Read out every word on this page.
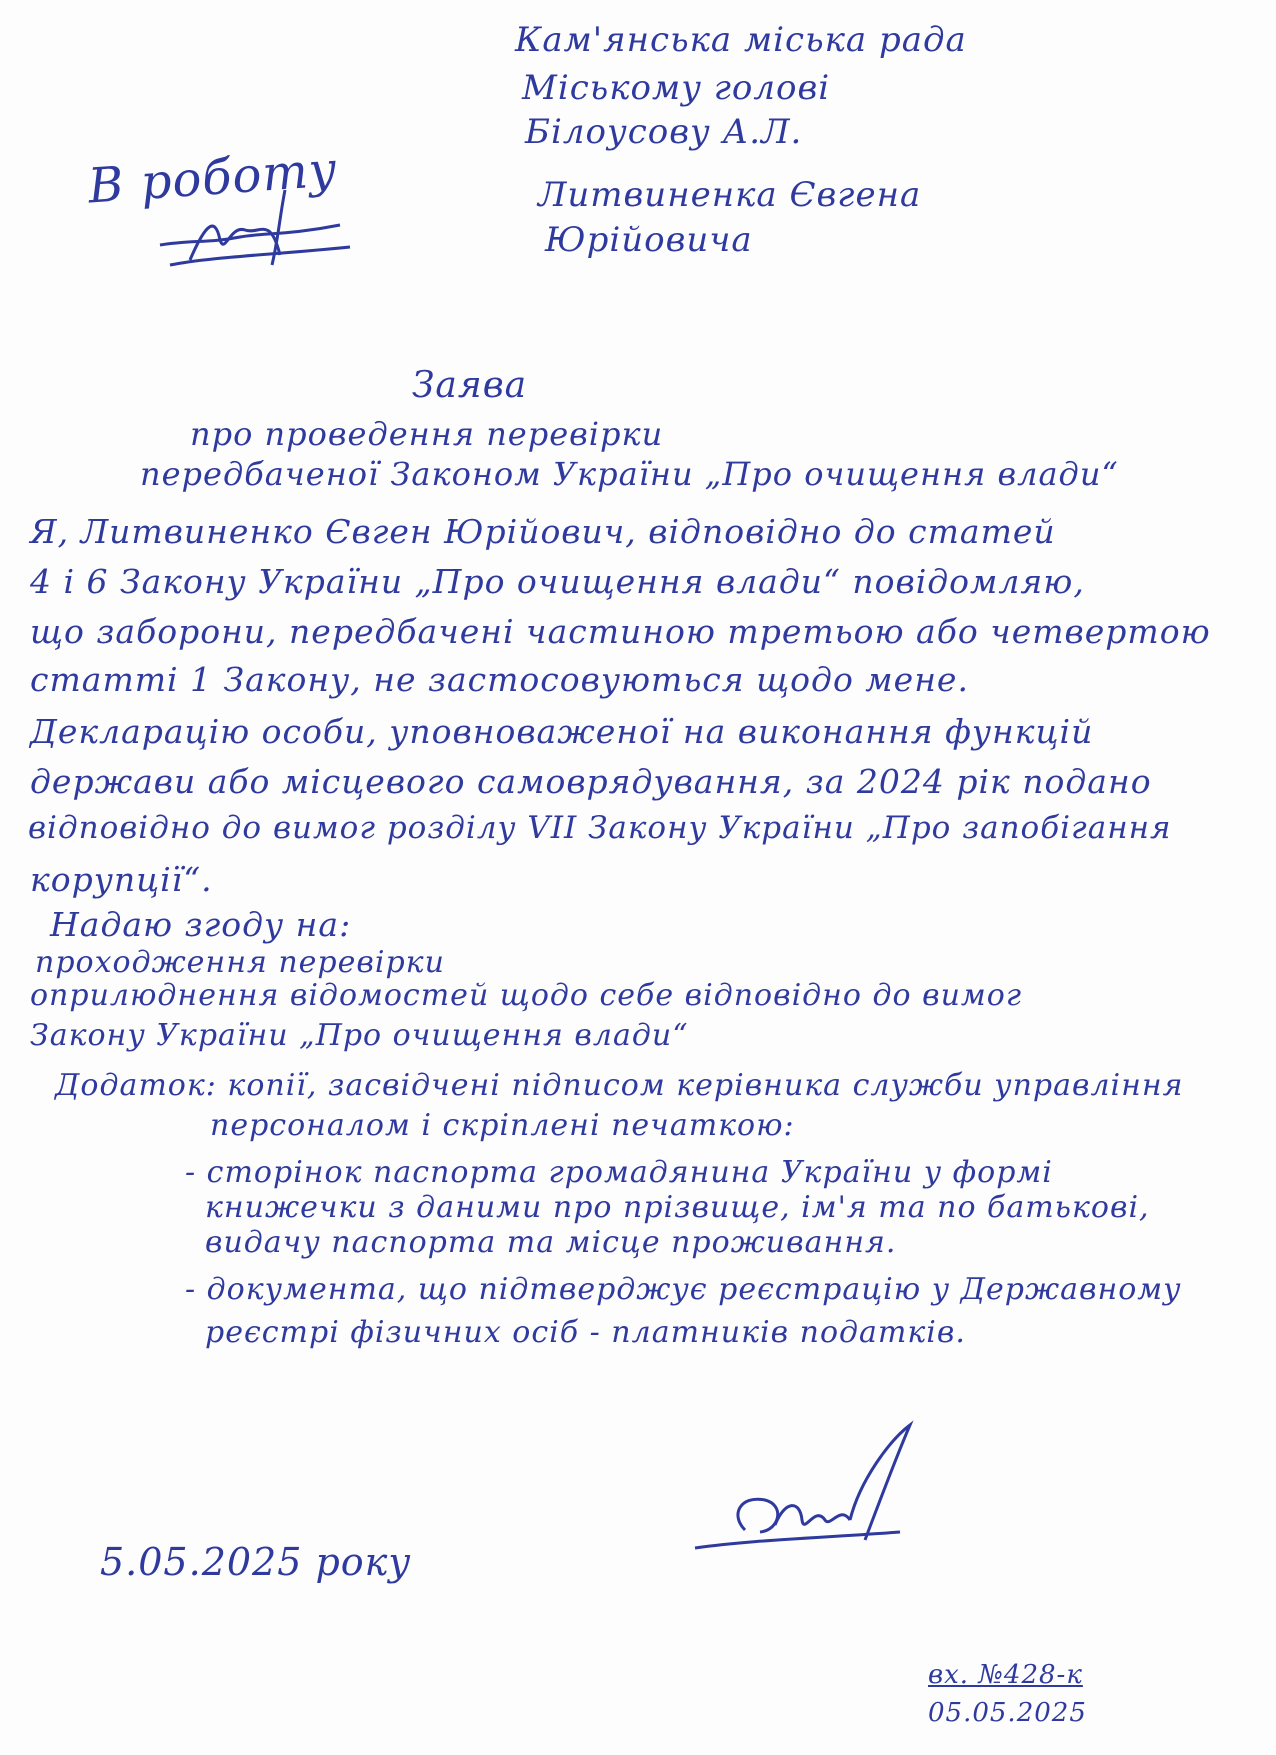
Кам'янська міська рада
Міському голові
Білоусову А.Л.
Литвиненка Євгена
Юрійовича
В роботу
Заява
про проведення перевірки
передбаченої Законом України „Про очищення влади“
Я, Литвиненко Євген Юрійович, відповідно до статей
4 і 6 Закону України „Про очищення влади“ повідомляю,
що заборони, передбачені частиною третьою або четвертою
статті 1 Закону, не застосовуються щодо мене.
Декларацію особи, уповноваженої на виконання функцій
держави або місцевого самоврядування, за 2024 рік подано
відповідно до вимог розділу VII Закону України „Про запобігання
корупції“.
Надаю згоду на:
проходження перевірки
оприлюднення відомостей щодо себе відповідно до вимог
Закону України „Про очищення влади“
Додаток: копії, засвідчені підписом керівника служби управління
персоналом і скріплені печаткою:
- сторінок паспорта громадянина України у формі
книжечки з даними про прізвище, ім'я та по батькові,
видачу паспорта та місце проживання.
- документа, що підтверджує реєстрацію у Державному
реєстрі фізичних осіб - платників податків.
5.05.2025 року
вх. №428-к
05.05.2025
